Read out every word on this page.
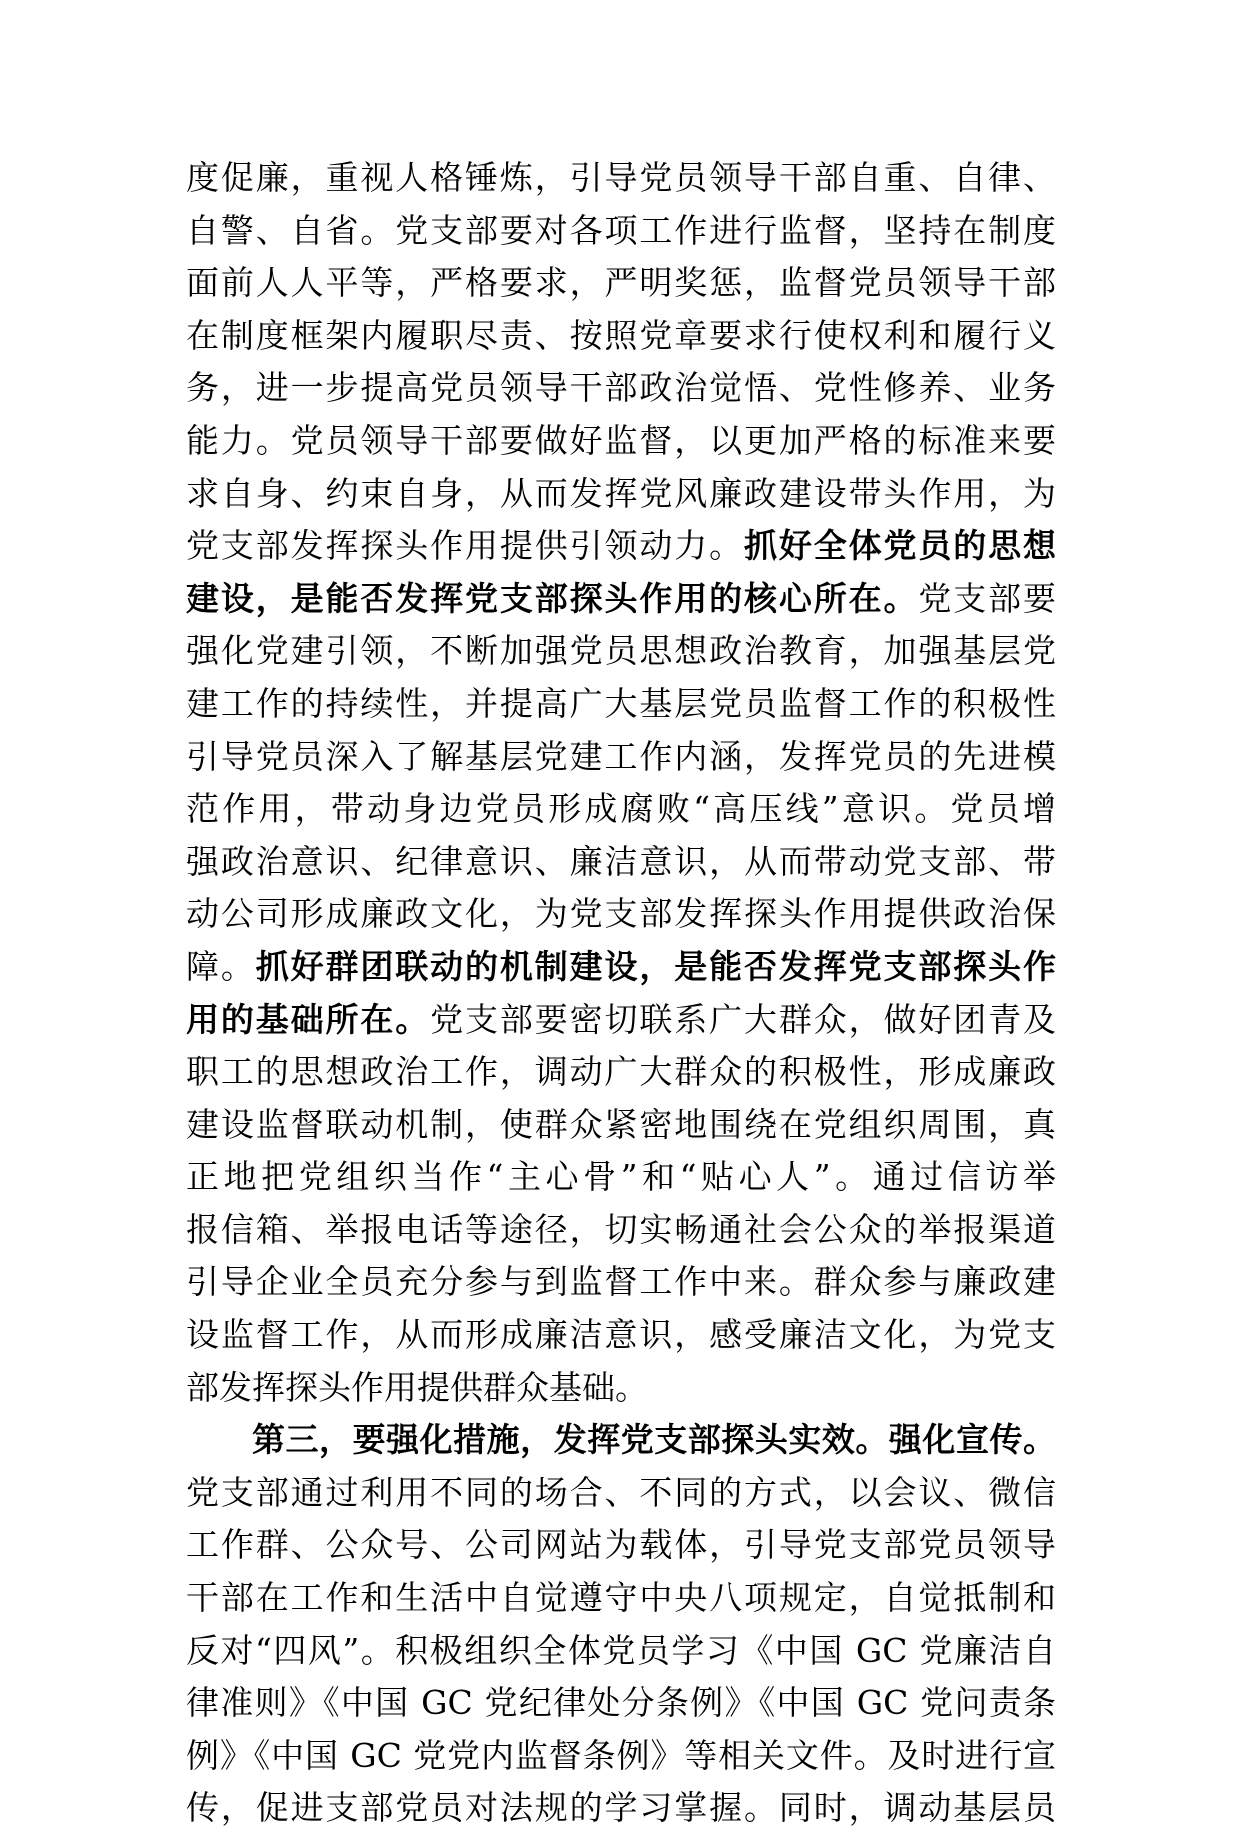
度促廉，重视人格锤炼，引导党员领导干部自重、自律、
自警、自省。党支部要对各项工作进行监督，坚持在制度
面前人人平等，严格要求，严明奖惩，监督党员领导干部
在制度框架内履职尽责、按照党章要求行使权利和履行义
务，进一步提高党员领导干部政治觉悟、党性修养、业务
能力。党员领导干部要做好监督，以更加严格的标准来要
求自身、约束自身，从而发挥党风廉政建设带头作用，为
党支部发挥探头作用提供引领动力。抓好全体党员的思想
建设，是能否发挥党支部探头作用的核心所在。党支部要
强化党建引领，不断加强党员思想政治教育，加强基层党
建工作的持续性，并提高广大基层党员监督工作的积极性
引导党员深入了解基层党建工作内涵，发挥党员的先进模
范作用，带动身边党员形成腐败“高压线”意识。党员增
强政治意识、纪律意识、廉洁意识，从而带动党支部、带
动公司形成廉政文化，为党支部发挥探头作用提供政治保
障。抓好群团联动的机制建设，是能否发挥党支部探头作
用的基础所在。党支部要密切联系广大群众，做好团青及
职工的思想政治工作，调动广大群众的积极性，形成廉政
建设监督联动机制，使群众紧密地围绕在党组织周围，真
正地把党组织当作“主心骨”和“贴心人”。通过信访举
报信箱、举报电话等途径，切实畅通社会公众的举报渠道
引导企业全员充分参与到监督工作中来。群众参与廉政建
设监督工作，从而形成廉洁意识，感受廉洁文化，为党支
部发挥探头作用提供群众基础。
第三，要强化措施，发挥党支部探头实效。强化宣传。
党支部通过利用不同的场合、不同的方式，以会议、微信
工作群、公众号、公司网站为载体，引导党支部党员领导
干部在工作和生活中自觉遵守中央八项规定，自觉抵制和
反对“四风”。积极组织全体党员学习《中国 GC 党廉洁自
律准则》《中国 GC 党纪律处分条例》《中国 GC 党问责条
例》《中国 GC 党党内监督条例》等相关文件。及时进行宣
传，促进支部党员对法规的学习掌握。同时，调动基层员
